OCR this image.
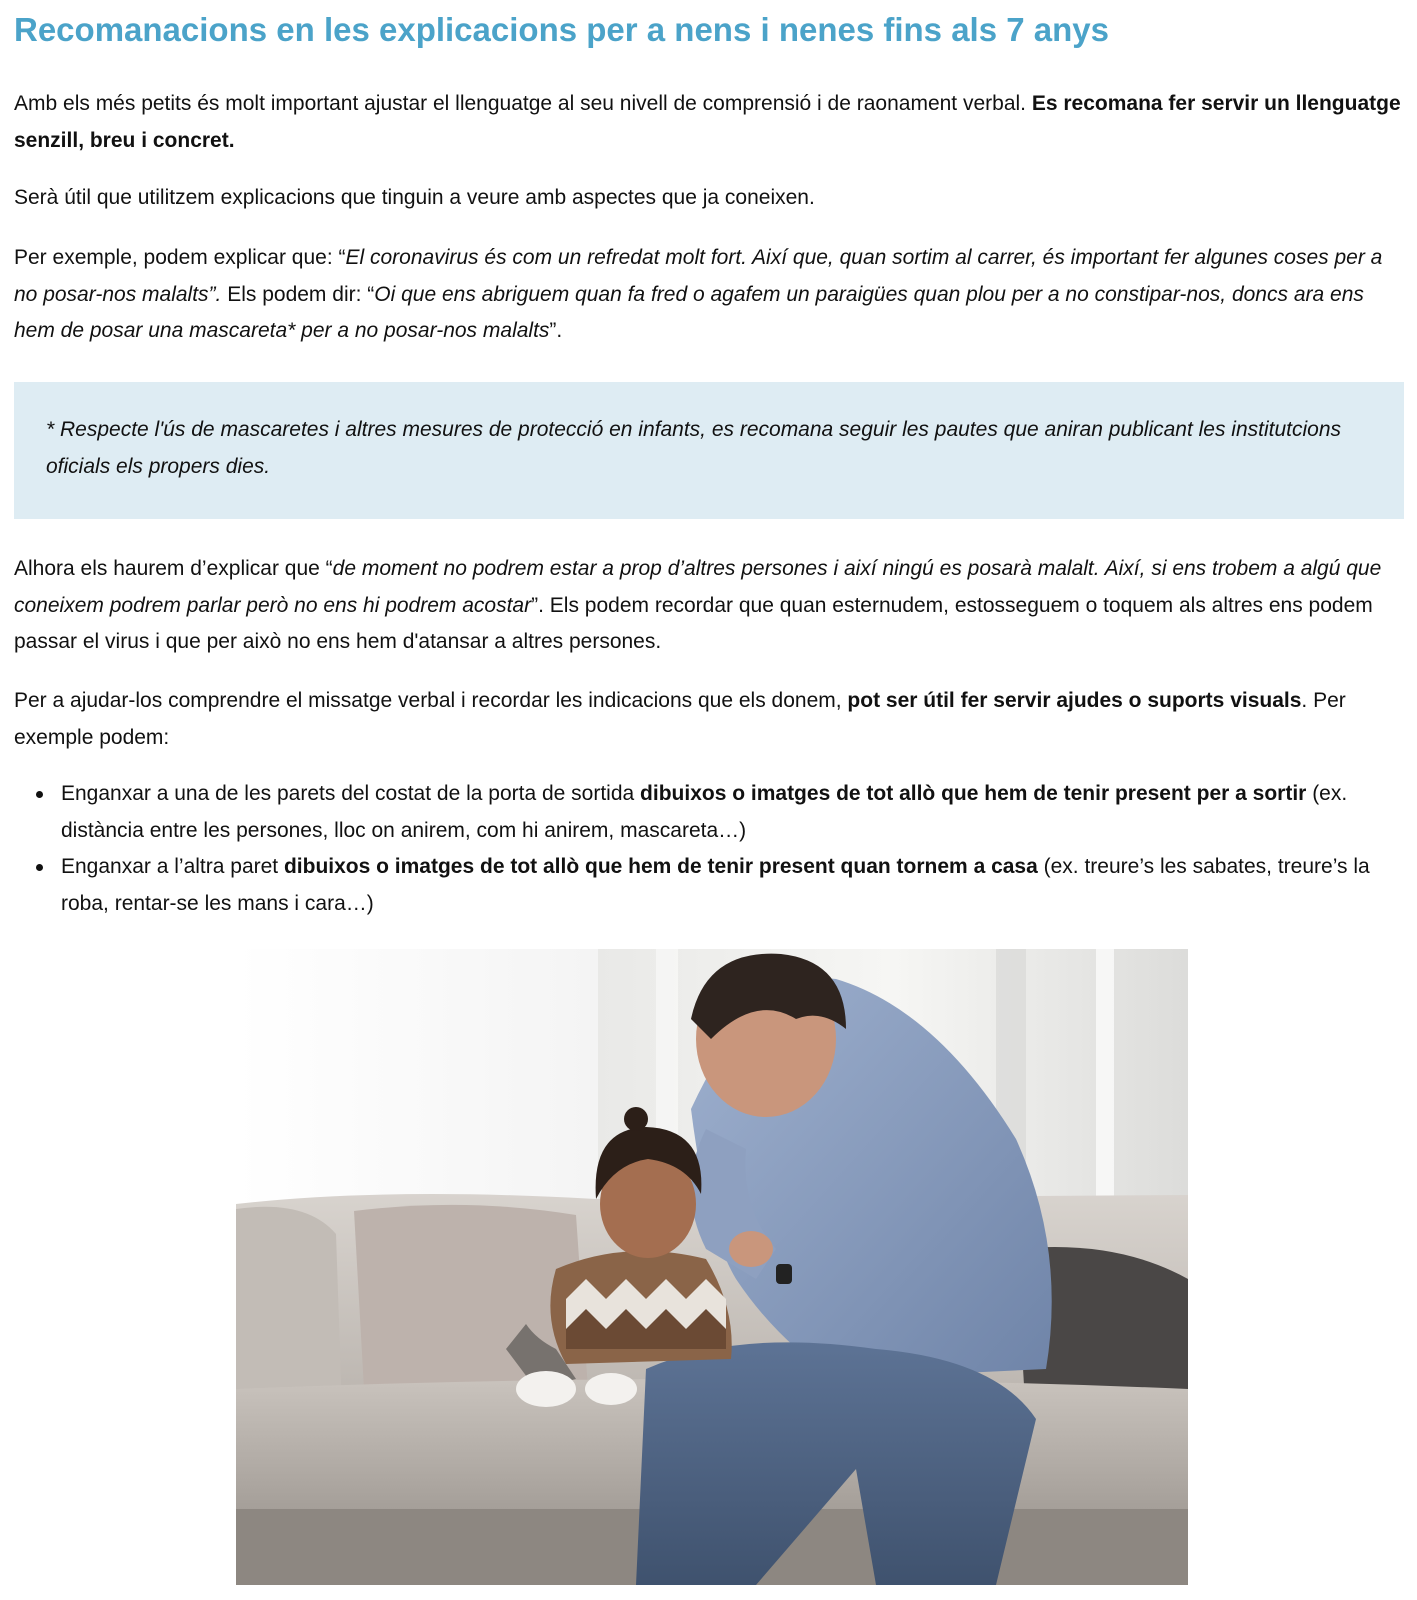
Recomanacions en les explicacions per a nens i nenes fins als 7 anys

Amb els més petits és molt important ajustar el llenguatge al seu nivell de comprensió i de raonament verbal. Es recomana fer servir un llenguatge senzill, breu i concret.

Serà útil que utilitzem explicacions que tinguin a veure amb aspectes que ja coneixen.

Per exemple, podem explicar que: “El coronavirus és com un refredat molt fort. Així que, quan sortim al carrer, és important fer algunes coses per a no posar-nos malalts”. Els podem dir: “Oi que ens abriguem quan fa fred o agafem un paraigües quan plou per a no constipar-nos, doncs ara ens hem de posar una mascareta* per a no posar-nos malalts”.

* Respecte l'ús de mascaretes i altres mesures de protecció en infants, es recomana seguir les pautes que aniran publicant les institutcions oficials els propers dies.

Alhora els haurem d’explicar que “de moment no podrem estar a prop d’altres persones i així ningú es posarà malalt. Així, si ens trobem a algú que coneixem podrem parlar però no ens hi podrem acostar”. Els podem recordar que quan esternudem, estosseguem o toquem als altres ens podem passar el virus i que per això no ens hem d'atansar a altres persones.

Per a ajudar-los comprendre el missatge verbal i recordar les indicacions que els donem, pot ser útil fer servir ajudes o suports visuals. Per exemple podem:

Enganxar a una de les parets del costat de la porta de sortida dibuixos o imatges de tot allò que hem de tenir present per a sortir (ex. distància entre les persones, lloc on anirem, com hi anirem, mascareta…)
Enganxar a l’altra paret dibuixos o imatges de tot allò que hem de tenir present quan tornem a casa (ex. treure’s les sabates, treure’s la roba, rentar-se les mans i cara…)
